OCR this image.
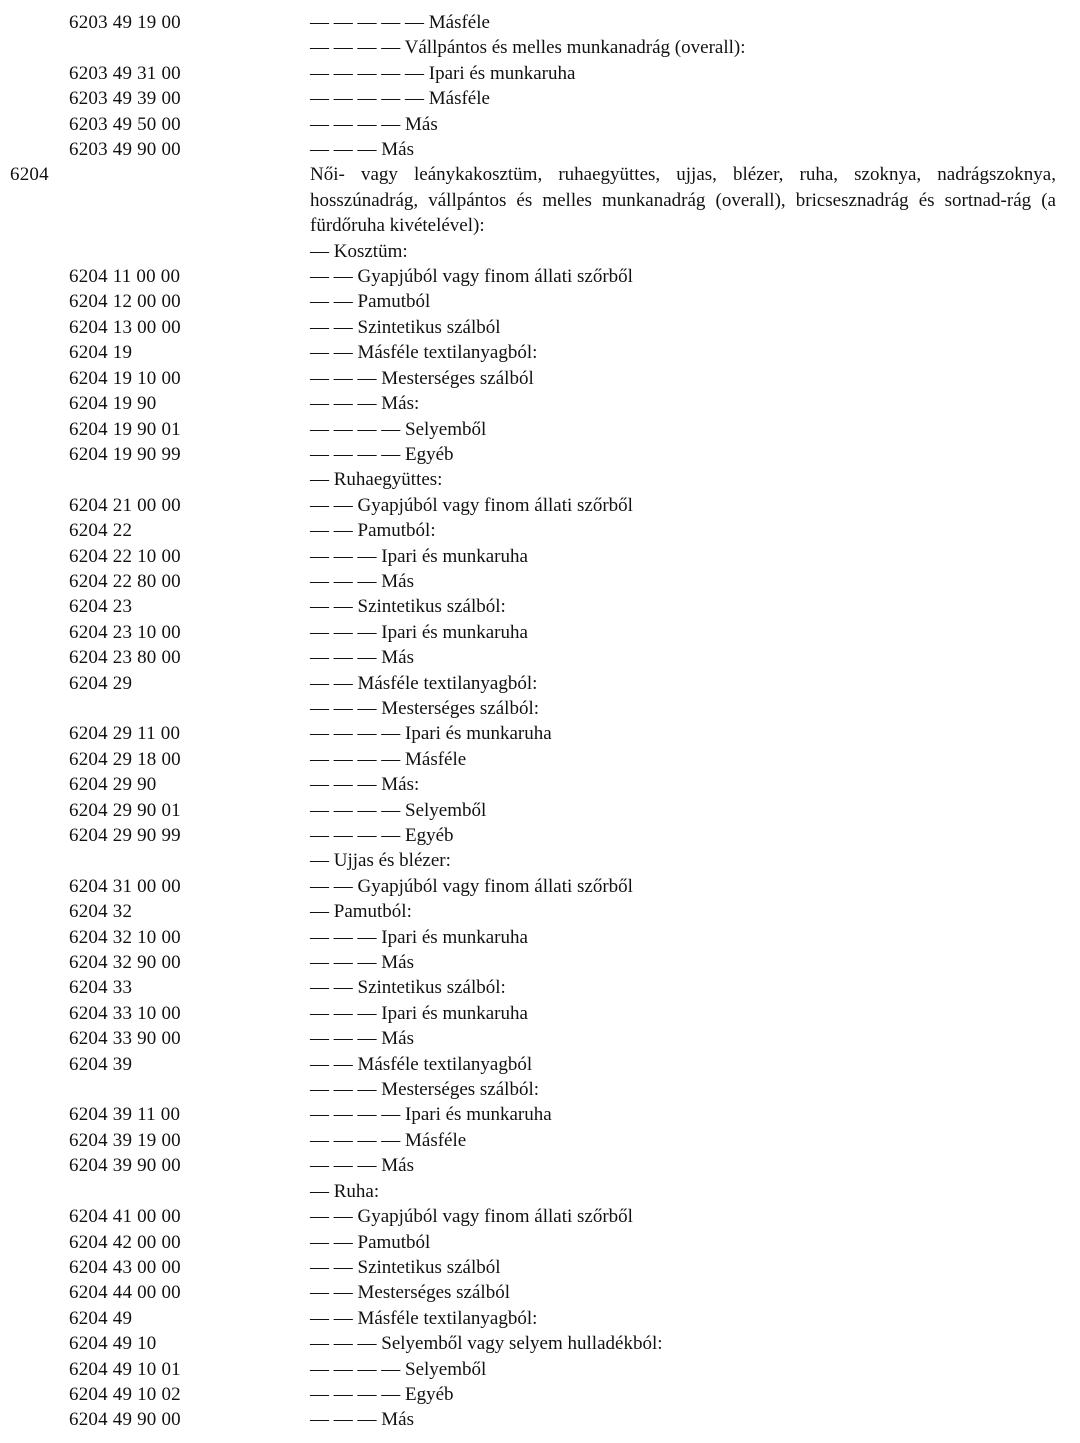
6203 49 19 00	— — — — — Másféle
— — — — Vállpántos és melles munkanadrág (overall):
6203 49 31 00	— — — — — Ipari és munkaruha
6203 49 39 00	— — — — — Másféle
6203 49 50 00	— — — — Más
6203 49 90 00	— — — Más
6204	Női- vagy leánykakosztüm, ruhaegyüttes, ujjas, blézer, ruha, szoknya, nadrágszoknya, hosszúnadrág, vállpántos és melles munkanadrág (overall), bricsesznadrág és sortnad-rág (a fürdőruha kivételével):
— Kosztüm:
6204 11 00 00	— — Gyapjúból vagy finom állati szőrből
6204 12 00 00	— — Pamutból
6204 13 00 00	— — Szintetikus szálból
6204 19	— — Másféle textilanyagból:
6204 19 10 00	— — — Mesterséges szálból
6204 19 90	— — — Más:
6204 19 90 01	— — — — Selyemből
6204 19 90 99	— — — — Egyéb
— Ruhaegyüttes:
6204 21 00 00	— — Gyapjúból vagy finom állati szőrből
6204 22	— — Pamutból:
6204 22 10 00	— — — Ipari és munkaruha
6204 22 80 00	— — — Más
6204 23	— — Szintetikus szálból:
6204 23 10 00	— — — Ipari és munkaruha
6204 23 80 00	— — — Más
6204 29	— — Másféle textilanyagból:
— — — Mesterséges szálból:
6204 29 11 00	— — — — Ipari és munkaruha
6204 29 18 00	— — — — Másféle
6204 29 90	— — — Más:
6204 29 90 01	— — — — Selyemből
6204 29 90 99	— — — — Egyéb
— Ujjas és blézer:
6204 31 00 00	— — Gyapjúból vagy finom állati szőrből
6204 32	— Pamutból:
6204 32 10 00	— — — Ipari és munkaruha
6204 32 90 00	— — — Más
6204 33	— — Szintetikus szálból:
6204 33 10 00	— — — Ipari és munkaruha
6204 33 90 00	— — — Más
6204 39	— — Másféle textilanyagból
— — — Mesterséges szálból:
6204 39 11 00	— — — — Ipari és munkaruha
6204 39 19 00	— — — — Másféle
6204 39 90 00	— — — Más
— Ruha:
6204 41 00 00	— — Gyapjúból vagy finom állati szőrből
6204 42 00 00	— — Pamutból
6204 43 00 00	— — Szintetikus szálból
6204 44 00 00	— — Mesterséges szálból
6204 49	— — Másféle textilanyagból:
6204 49 10	— — — Selyemből vagy selyem hulladékból:
6204 49 10 01	— — — — Selyemből
6204 49 10 02	— — — — Egyéb
6204 49 90 00	— — — Más
